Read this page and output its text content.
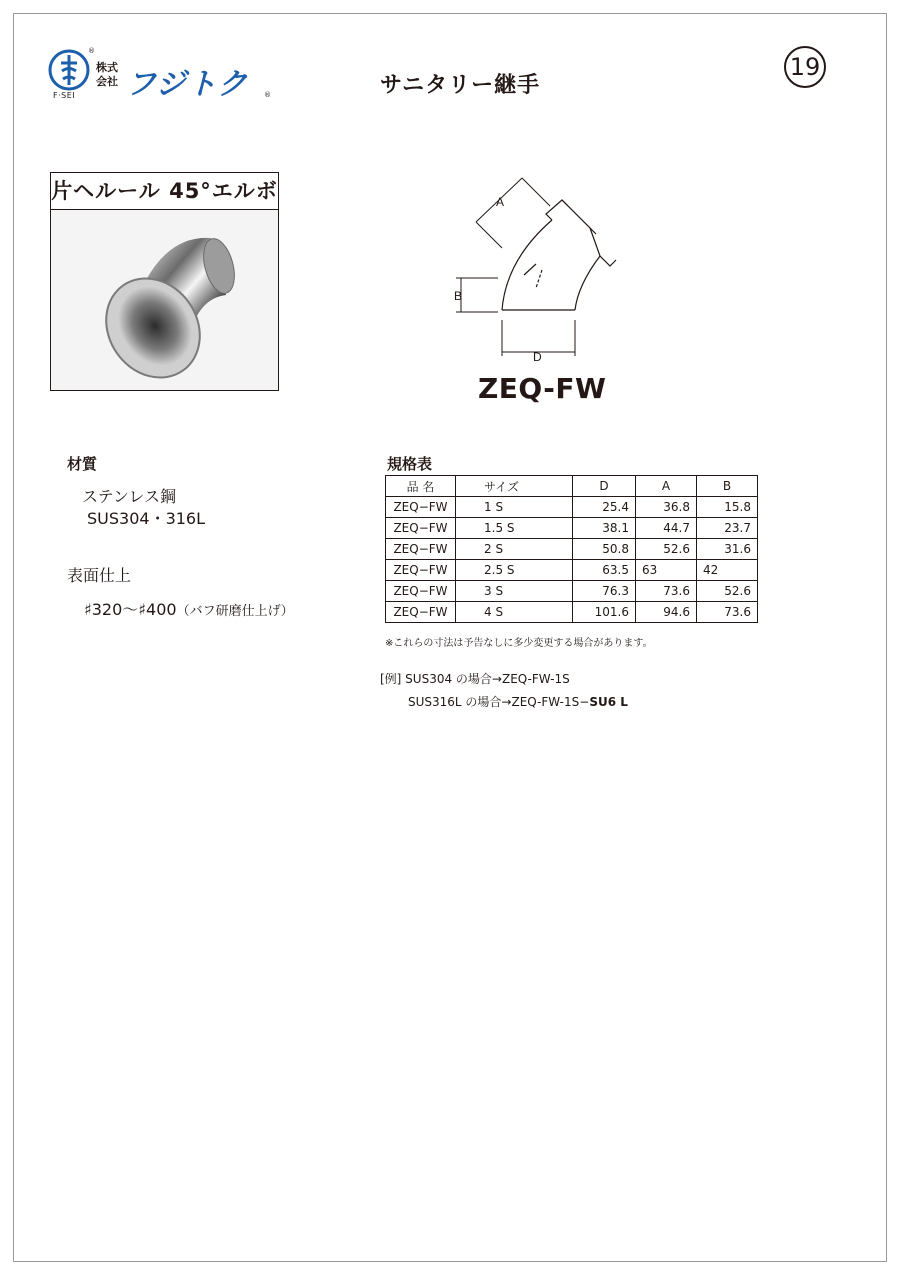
®
F·SEI
株式会社 フジトク ®	サニタリー継手
19
片ヘルール 45°エルボ	A
B
D
ZEQ-FW
材質
ステンレス鋼
SUS304・316L
表面仕上
♯320〜♯400（バフ研磨仕上げ）
規格表
品 名	サイズ	D	A	B
ZEQ−FW	1 S	25.4	36.8	15.8
ZEQ−FW	1.5 S	38.1	44.7	23.7
ZEQ−FW	2 S	50.8	52.6	31.6
ZEQ−FW	2.5 S	63.5	63	42
ZEQ−FW	3 S	76.3	73.6	52.6
ZEQ−FW	4 S	101.6	94.6	73.6
※これらの寸法は予告なしに多少変更する場合があります。
[例] SUS304 の場合→ZEQ-FW-1S
SUS316L の場合→ZEQ-FW-1S−SU6 L
